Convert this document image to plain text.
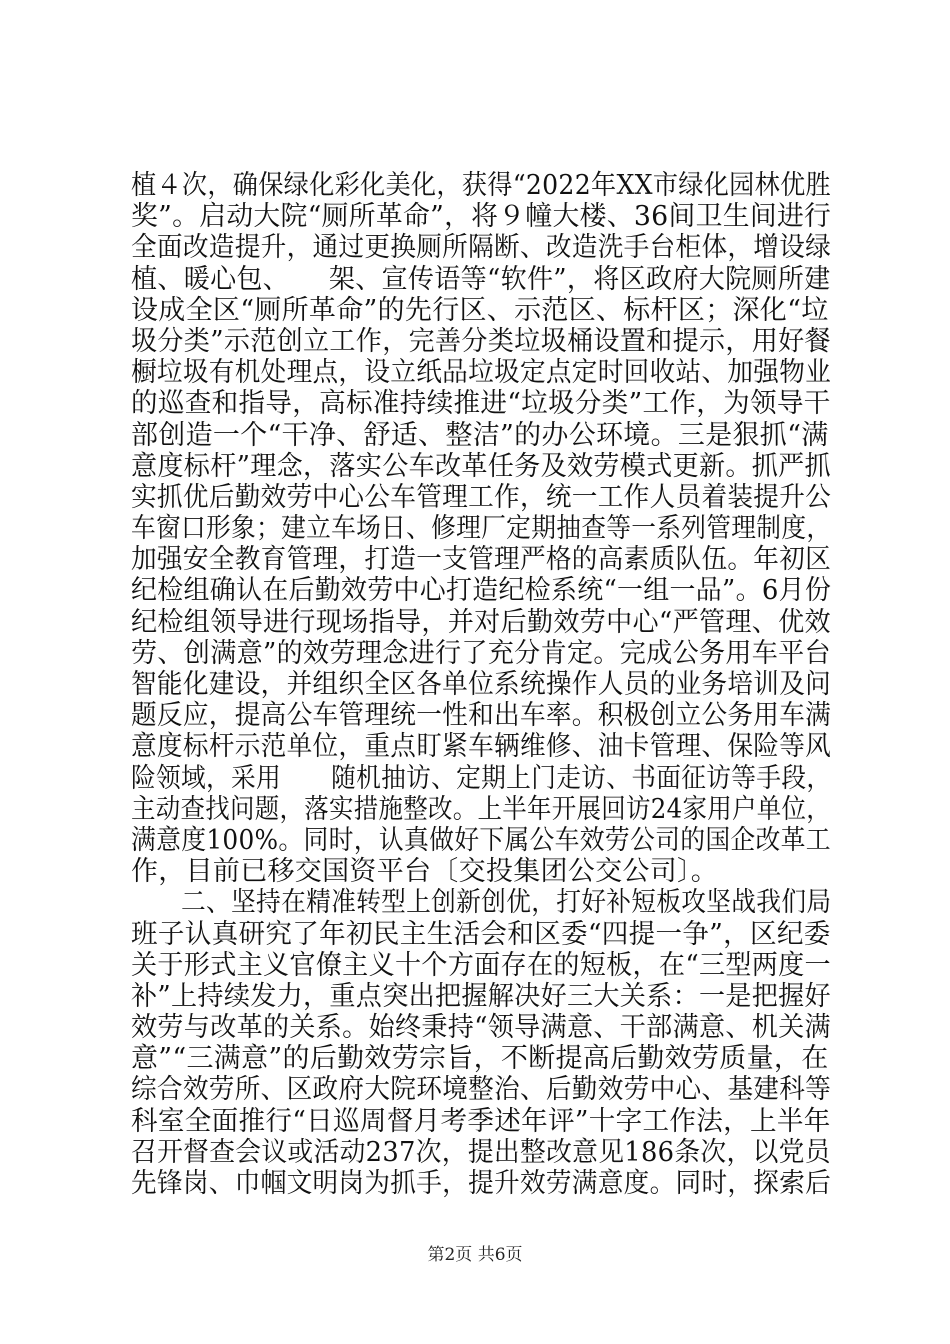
植４次，确保绿化彩化美化，获得“2022年XX市绿化园林优胜
奖”。启动大院“厕所革命”，将９幢大楼、36间卫生间进行
全面改造提升，通过更换厕所隔断、改造洗手台柜体，增设绿
植、暖心包、　　架、宣传语等“软件”，将区政府大院厕所建
设成全区“厕所革命”的先行区、示范区、标杆区；深化“垃
圾分类”示范创立工作，完善分类垃圾桶设置和提示，用好餐
橱垃圾有机处理点，设立纸品垃圾定点定时回收站、加强物业
的巡查和指导，高标准持续推进“垃圾分类”工作，为领导干
部创造一个“干净、舒适、整洁”的办公环境。三是狠抓“满
意度标杆”理念，落实公车改革任务及效劳模式更新。抓严抓
实抓优后勤效劳中心公车管理工作，统一工作人员着装提升公
车窗口形象；建立车场日、修理厂定期抽查等一系列管理制度，
加强安全教育管理，打造一支管理严格的高素质队伍。年初区
纪检组确认在后勤效劳中心打造纪检系统“一组一品”。6月份
纪检组领导进行现场指导，并对后勤效劳中心“严管理、优效
劳、创满意”的效劳理念进行了充分肯定。完成公务用车平台
智能化建设，并组织全区各单位系统操作人员的业务培训及问
题反应，提高公车管理统一性和出车率。积极创立公务用车满
意度标杆示范单位，重点盯紧车辆维修、油卡管理、保险等风
险领域，采用　　随机抽访、定期上门走访、书面征访等手段，
主动查找问题，落实措施整改。上半年开展回访24家用户单位，
满意度100%。同时，认真做好下属公车效劳公司的国企改革工
作，目前已移交国资平台〔交投集团公交公司〕。
　　二、坚持在精准转型上创新创优，打好补短板攻坚战我们局
班子认真研究了年初民主生活会和区委“四提一争”，区纪委
关于形式主义官僚主义十个方面存在的短板，在“三型两度一
补”上持续发力，重点突出把握解决好三大关系：一是把握好
效劳与改革的关系。始终秉持“领导满意、干部满意、机关满
意”“三满意”的后勤效劳宗旨，不断提高后勤效劳质量，在
综合效劳所、区政府大院环境整治、后勤效劳中心、基建科等
科室全面推行“日巡周督月考季述年评”十字工作法，上半年
召开督查会议或活动237次，提出整改意见186条次，以党员
先锋岗、巾帼文明岗为抓手，提升效劳满意度。同时，探索后
第2页 共6页
